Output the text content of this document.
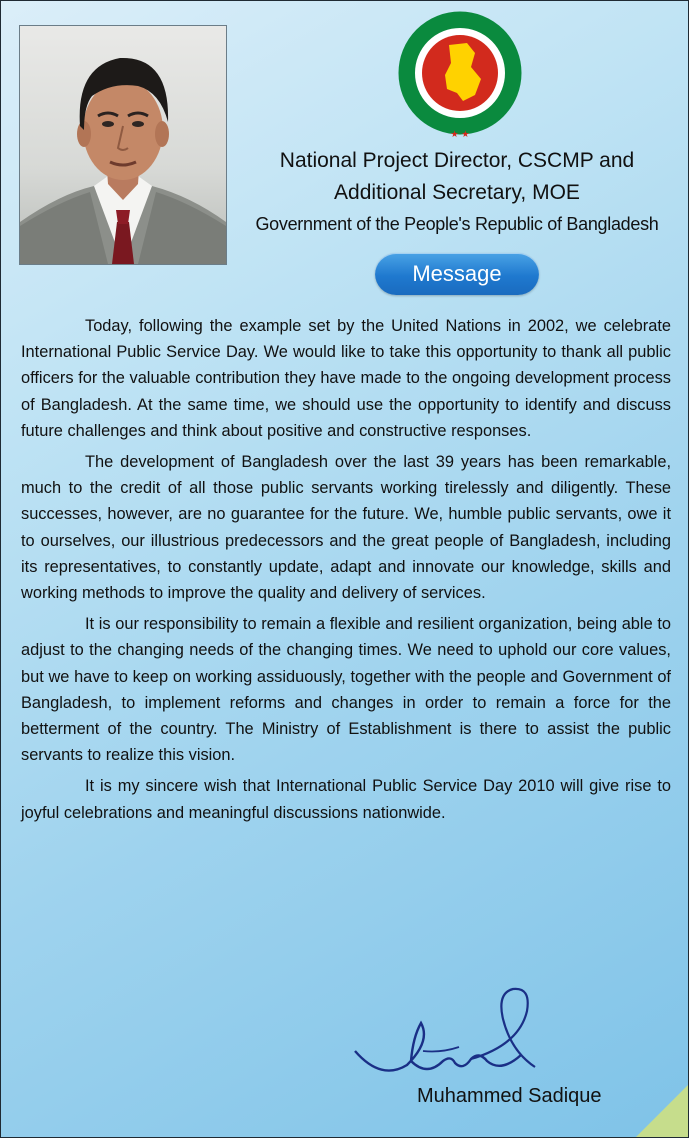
★ ★
National Project Director, CSCMP and
Additional Secretary, MOE
Government of the People's Republic of Bangladesh
Message

Today, following the example set by the United Nations in 2002, we celebrate International Public Service Day. We would like to take this opportunity to thank all public officers for the valuable contribution they have made to the ongoing development process of Bangladesh. At the same time, we should use the opportunity to identify and discuss future challenges and think about positive and constructive responses.

The development of Bangladesh over the last 39 years has been remarkable, much to the credit of all those public servants working tirelessly and diligently. These successes, however, are no guarantee for the future. We, humble public servants, owe it to ourselves, our illustrious predecessors and the great people of Bangladesh, including its representatives, to constantly update, adapt and innovate our knowledge, skills and working methods to improve the quality and delivery of services.

It is our responsibility to remain a flexible and resilient organization, being able to adjust to the changing needs of the changing times. We need to uphold our core values, but we have to keep on working assiduously, together with the people and Government of Bangladesh, to implement reforms and changes in order to remain a force for the betterment of the country. The Ministry of Establishment is there to assist the public servants to realize this vision.

It is my sincere wish that International Public Service Day 2010 will give rise to joyful celebrations and meaningful discussions nationwide.

Muhammed Sadique
